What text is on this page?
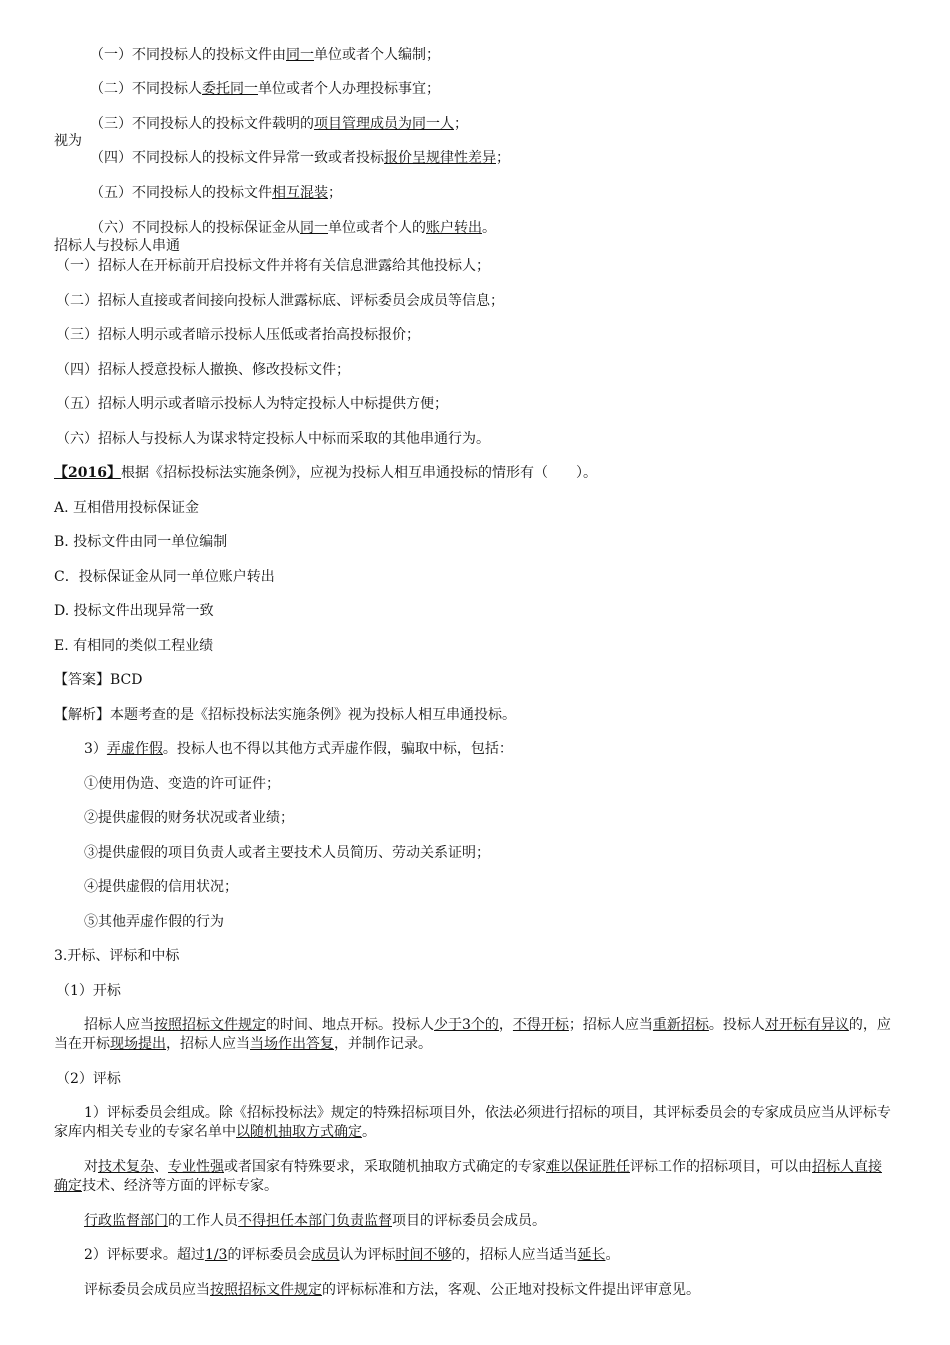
（一）不同投标人的投标文件由同一单位或者个人编制；
（二）不同投标人委托同一单位或者个人办理投标事宜；
（三）不同投标人的投标文件载明的项目管理成员为同一人；
视为
（四）不同投标人的投标文件异常一致或者投标报价呈规律性差异；
（五）不同投标人的投标文件相互混装；
（六）不同投标人的投标保证金从同一单位或者个人的账户转出。
招标人与投标人串通
（一）招标人在开标前开启投标文件并将有关信息泄露给其他投标人；
（二）招标人直接或者间接向投标人泄露标底、评标委员会成员等信息；
（三）招标人明示或者暗示投标人压低或者抬高投标报价；
（四）招标人授意投标人撤换、修改投标文件；
（五）招标人明示或者暗示投标人为特定投标人中标提供方便；
（六）招标人与投标人为谋求特定投标人中标而采取的其他串通行为。
【2016】根据《招标投标法实施条例》，应视为投标人相互串通投标的情形有（　　）。
A. 互相借用投标保证金
B. 投标文件由同一单位编制
C．投标保证金从同一单位账户转出
D. 投标文件出现异常一致
E. 有相同的类似工程业绩
【答案】BCD
【解析】本题考查的是《招标投标法实施条例》视为投标人相互串通投标。
3）弄虚作假。投标人也不得以其他方式弄虚作假，骗取中标，包括：
①使用伪造、变造的许可证件；
②提供虚假的财务状况或者业绩；
③提供虚假的项目负责人或者主要技术人员简历、劳动关系证明；
④提供虚假的信用状况；
⑤其他弄虚作假的行为
3.开标、评标和中标
（1）开标
招标人应当按照招标文件规定的时间、地点开标。投标人少于3个的，不得开标；招标人应当重新招标。投标人对开标有异议的，应当在开标现场提出，招标人应当当场作出答复，并制作记录。
（2）评标
1）评标委员会组成。除《招标投标法》规定的特殊招标项目外，依法必须进行招标的项目，其评标委员会的专家成员应当从评标专家库内相关专业的专家名单中以随机抽取方式确定。
对技术复杂、专业性强或者国家有特殊要求，采取随机抽取方式确定的专家难以保证胜任评标工作的招标项目，可以由招标人直接确定技术、经济等方面的评标专家。
行政监督部门的工作人员不得担任本部门负责监督项目的评标委员会成员。
2）评标要求。超过1/3的评标委员会成员认为评标时间不够的，招标人应当适当延长。
评标委员会成员应当按照招标文件规定的评标标准和方法，客观、公正地对投标文件提出评审意见。
